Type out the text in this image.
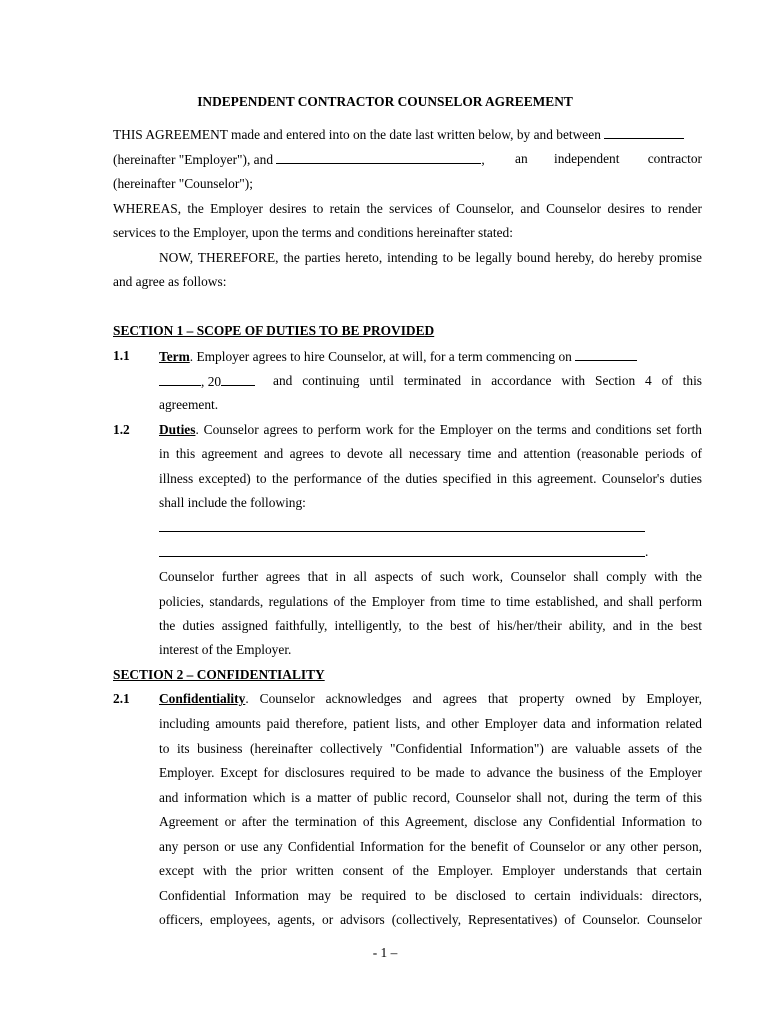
INDEPENDENT CONTRACTOR COUNSELOR AGREEMENT
THIS AGREEMENT made and entered into on the date last written below, by and between
(hereinafter "Employer"), and	, an independent contractor
(hereinafter "Counselor");
WHEREAS, the Employer desires to retain the services of Counselor, and Counselor desires to render
services to the Employer, upon the terms and conditions hereinafter stated:
NOW, THEREFORE, the parties hereto, intending to be legally bound hereby, do hereby promise
and agree as follows:
SECTION 1 – SCOPE OF DUTIES TO BE PROVIDED
1.1 Term. Employer agrees to hire Counselor, at will, for a term commencing on
, 20	and continuing until terminated in accordance with Section 4 of this
agreement.
1.2 Duties. Counselor agrees to perform work for the Employer on the terms and conditions set forth
in this agreement and agrees to devote all necessary time and attention (reasonable periods of
illness excepted) to the performance of the duties specified in this agreement. Counselor's duties
shall include the following:
.
Counselor further agrees that in all aspects of such work, Counselor shall comply with the
policies, standards, regulations of the Employer from time to time established, and shall perform
the duties assigned faithfully, intelligently, to the best of his/her/their ability, and in the best
interest of the Employer.
SECTION 2 – CONFIDENTIALITY
2.1 Confidentiality. Counselor acknowledges and agrees that property owned by Employer,
including amounts paid therefore, patient lists, and other Employer data and information related
to its business (hereinafter collectively "Confidential Information") are valuable assets of the
Employer. Except for disclosures required to be made to advance the business of the Employer
and information which is a matter of public record, Counselor shall not, during the term of this
Agreement or after the termination of this Agreement, disclose any Confidential Information to
any person or use any Confidential Information for the benefit of Counselor or any other person,
except with the prior written consent of the Employer. Employer understands that certain
Confidential Information may be required to be disclosed to certain individuals: directors,
officers, employees, agents, or advisors (collectively, Representatives) of Counselor. Counselor
- 1 –
